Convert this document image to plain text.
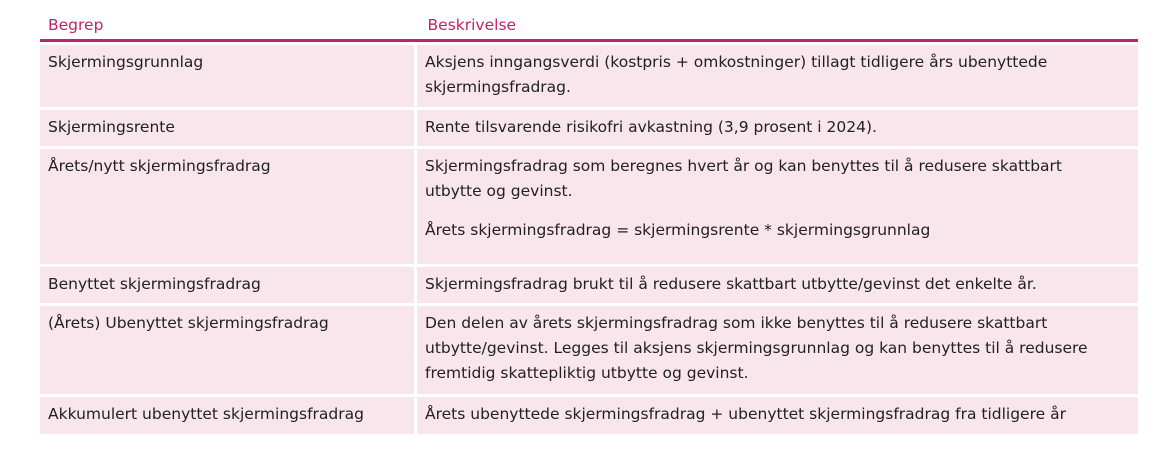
Begrep	Beskrivelse
Skjermingsgrunnlag	Aksjens inngangsverdi (kostpris + omkostninger) tillagt tidligere års ubenyttede skjermingsfradrag.
Skjermingsrente	Rente tilsvarende risikofri avkastning (3,9 prosent i 2024).
Årets/nytt skjermingsfradrag	Skjermingsfradrag som beregnes hvert år og kan benyttes til å redusere skattbart utbytte og gevinst.
Årets skjermingsfradrag = skjermingsrente * skjermingsgrunnlag
Benyttet skjermingsfradrag	Skjermingsfradrag brukt til å redusere skattbart utbytte/gevinst det enkelte år.
(Årets) Ubenyttet skjermingsfradrag	Den delen av årets skjermingsfradrag som ikke benyttes til å redusere skattbart utbytte/gevinst. Legges til aksjens skjermingsgrunnlag og kan benyttes til å redusere fremtidig skattepliktig utbytte og gevinst.
Akkumulert ubenyttet skjermingsfradrag	Årets ubenyttede skjermingsfradrag + ubenyttet skjermingsfradrag fra tidligere år
